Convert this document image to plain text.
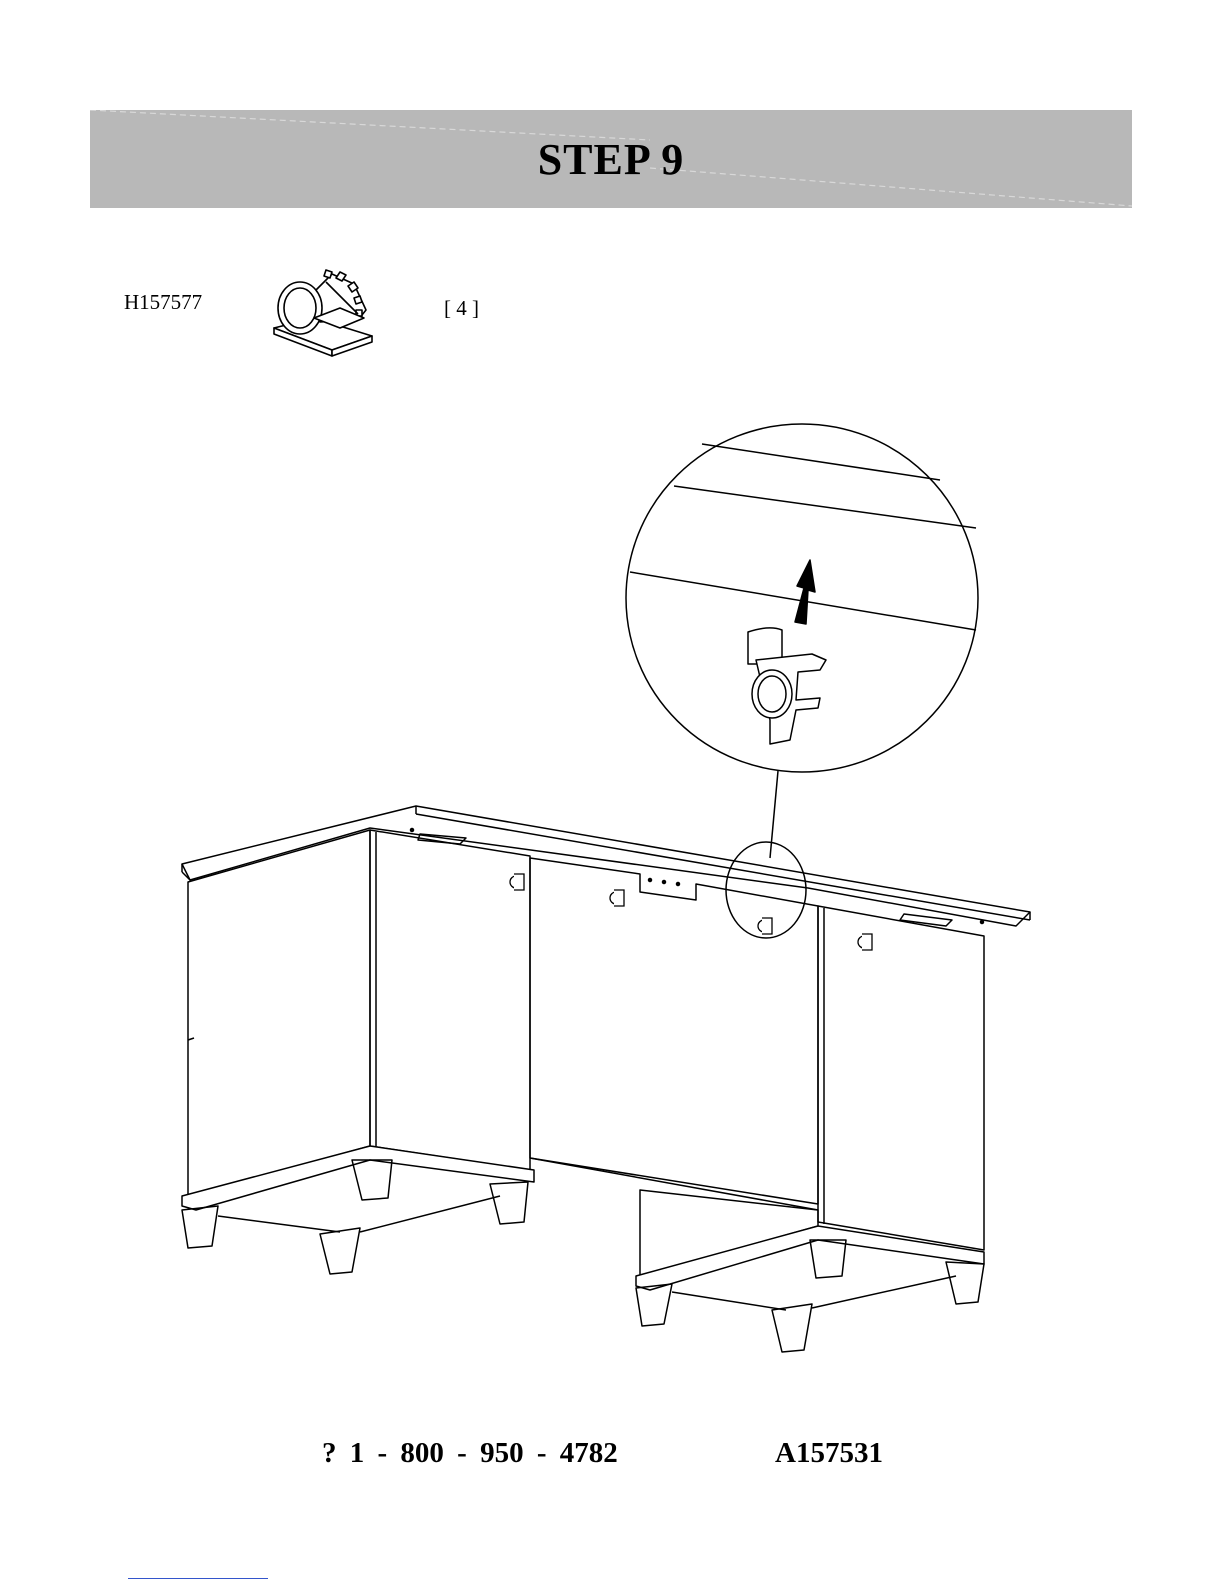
STEP 9
H157577	[ 4 ]
? 1 - 800 - 950 - 4782	A157531
